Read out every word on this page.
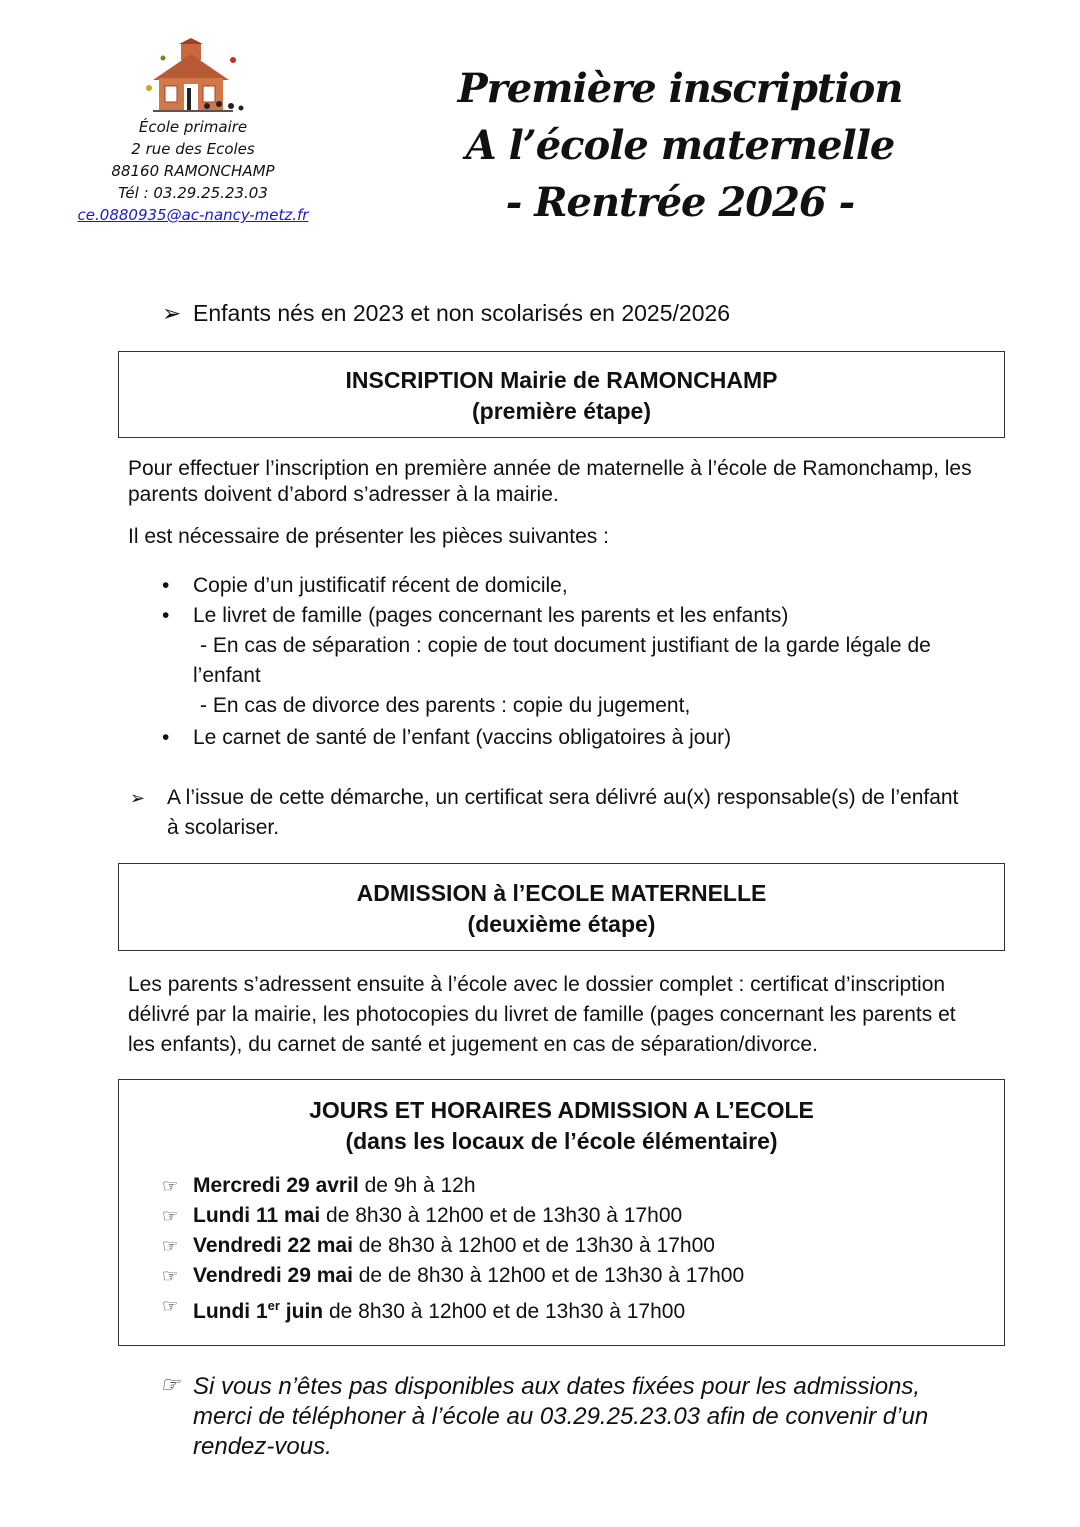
École primaire
2 rue des Ecoles
88160 RAMONCHAMP
Tél : 03.29.25.23.03
ce.0880935@ac-nancy-metz.fr
Première inscription
A l’école maternelle
- Rentrée 2026 -
➢ Enfants nés en 2023 et non scolarisés en 2025/2026
INSCRIPTION Mairie de RAMONCHAMP
(première étape)
Pour effectuer l’inscription en première année de maternelle à l’école de Ramonchamp, les
parents doivent d’abord s’adresser à la mairie.
Il est nécessaire de présenter les pièces suivantes :
• Copie d’un justificatif récent de domicile,
• Le livret de famille (pages concernant les parents et les enfants)
- En cas de séparation : copie de tout document justifiant de la garde légale de
l’enfant
- En cas de divorce des parents : copie du jugement,
• Le carnet de santé de l’enfant (vaccins obligatoires à jour)
➢ A l’issue de cette démarche, un certificat sera délivré au(x) responsable(s) de l’enfant
à scolariser.
ADMISSION à l’ECOLE MATERNELLE
(deuxième étape)
Les parents s’adressent ensuite à l’école avec le dossier complet : certificat d’inscription
délivré par la mairie, les photocopies du livret de famille (pages concernant les parents et
les enfants), du carnet de santé et jugement en cas de séparation/divorce.
JOURS ET HORAIRES ADMISSION A L’ECOLE
(dans les locaux de l’école élémentaire)
☞ Mercredi 29 avril de 9h à 12h
☞ Lundi 11 mai de 8h30 à 12h00 et de 13h30 à 17h00
☞ Vendredi 22 mai de 8h30 à 12h00 et de 13h30 à 17h00
☞ Vendredi 29 mai de de 8h30 à 12h00 et de 13h30 à 17h00
☞ Lundi 1er juin de 8h30 à 12h00 et de 13h30 à 17h00
☞ Si vous n’êtes pas disponibles aux dates fixées pour les admissions,
merci de téléphoner à l’école au 03.29.25.23.03 afin de convenir d’un
rendez-vous.
